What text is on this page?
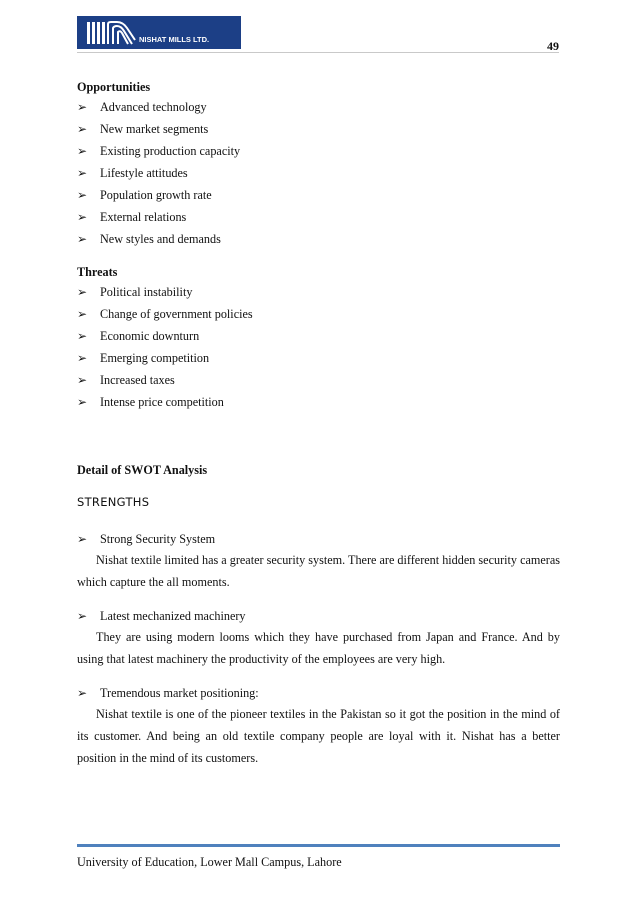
NISHAT MILLS LTD.	49

Opportunities

➢ Advanced technology
➢ New market segments
➢ Existing production capacity
➢ Lifestyle attitudes
➢ Population growth rate
➢ External relations
➢ New styles and demands

Threats

➢ Political instability
➢ Change of government policies
➢ Economic downturn
➢ Emerging competition
➢ Increased taxes
➢ Intense price competition
Detail of SWOT Analysis
STRENGTHS
➢ Strong Security System

Nishat textile limited has a greater security system. There are different hidden security cameras which capture the all moments.

➢ Latest mechanized machinery

They are using modern looms which they have purchased from Japan and France. And by using that latest machinery the productivity of the employees are very high.

➢ Tremendous market positioning:

Nishat textile is one of the pioneer textiles in the Pakistan so it got the position in the mind of its customer. And being an old textile company people are loyal with it. Nishat has a better position in the mind of its customers.

University of Education, Lower Mall Campus, Lahore
